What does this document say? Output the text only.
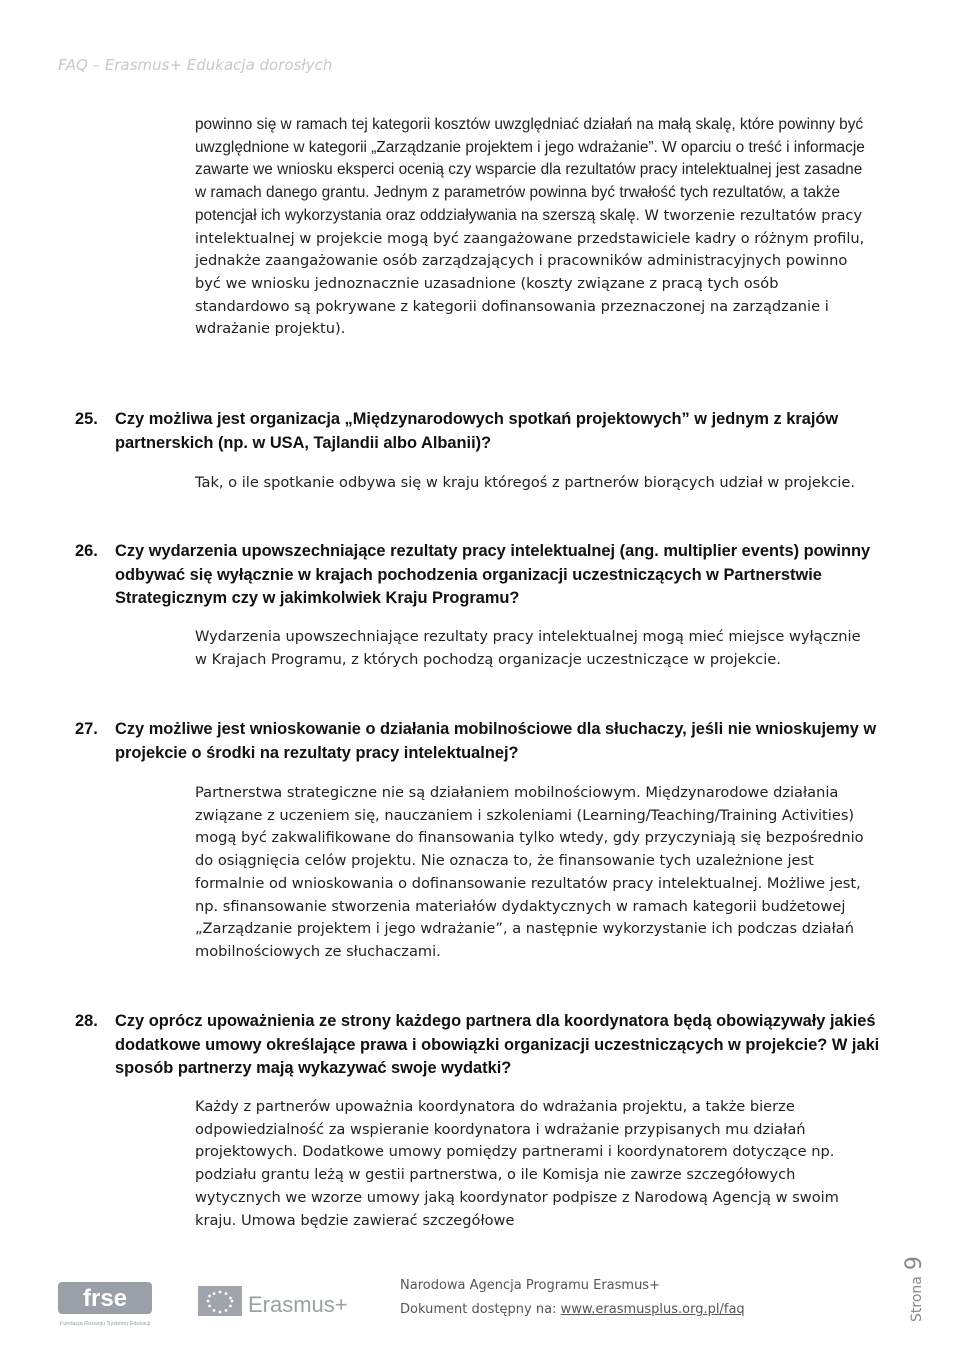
FAQ – Erasmus+ Edukacja dorosłych

powinno się w ramach tej kategorii kosztów uwzględniać działań na małą skalę, które powinny być uwzględnione w kategorii „Zarządzanie projektem i jego wdrażanie”. W oparciu o treść i informacje zawarte we wniosku eksperci ocenią czy wsparcie dla rezultatów pracy intelektualnej jest zasadne w ramach danego grantu. Jednym z parametrów powinna być trwałość tych rezultatów, a także potencjał ich wykorzystania oraz oddziaływania na szerszą skalę. W tworzenie rezultatów pracy intelektualnej w projekcie mogą być zaangażowane przedstawiciele kadry o różnym profilu, jednakże zaangażowanie osób zarządzających i pracowników administracyjnych powinno być we wniosku jednoznacznie uzasadnione (koszty związane z pracą tych osób standardowo są pokrywane z kategorii dofinansowania przeznaczonej na zarządzanie i wdrażanie projektu).

25.	Czy możliwa jest organizacja „Międzynarodowych spotkań projektowych” w jednym z krajów partnerskich (np. w USA, Tajlandii albo Albanii)?

Tak, o ile spotkanie odbywa się w kraju któregoś z partnerów biorących udział w projekcie.

26.	Czy wydarzenia upowszechniające rezultaty pracy intelektualnej (ang. multiplier events) powinny odbywać się wyłącznie w krajach pochodzenia organizacji uczestniczących w Partnerstwie Strategicznym czy w jakimkolwiek Kraju Programu?

Wydarzenia upowszechniające rezultaty pracy intelektualnej mogą mieć miejsce wyłącznie w Krajach Programu, z których pochodzą organizacje uczestniczące w projekcie.

27.	Czy możliwe jest wnioskowanie o działania mobilnościowe dla słuchaczy, jeśli nie wnioskujemy w projekcie o środki na rezultaty pracy intelektualnej?

Partnerstwa strategiczne nie są działaniem mobilnościowym. Międzynarodowe działania związane z uczeniem się, nauczaniem i szkoleniami (Learning/Teaching/Training Activities) mogą być zakwalifikowane do finansowania tylko wtedy, gdy przyczyniają się bezpośrednio do osiągnięcia celów projektu. Nie oznacza to, że finansowanie tych uzależnione jest formalnie od wnioskowania o dofinansowanie rezultatów pracy intelektualnej. Możliwe jest, np. sfinansowanie stworzenia materiałów dydaktycznych w ramach kategorii budżetowej „Zarządzanie projektem i jego wdrażanie”, a następnie wykorzystanie ich podczas działań mobilnościowych ze słuchaczami.

28.	Czy oprócz upoważnienia ze strony każdego partnera dla koordynatora będą obowiązywały jakieś dodatkowe umowy określające prawa i obowiązki organizacji uczestniczących w projekcie? W jaki sposób partnerzy mają wykazywać swoje wydatki?

Każdy z partnerów upoważnia koordynatora do wdrażania projektu, a także bierze odpowiedzialność za wspieranie koordynatora i wdrażanie przypisanych mu działań projektowych. Dodatkowe umowy pomiędzy partnerami i koordynatorem dotyczące np. podziału grantu leżą w gestii partnerstwa, o ile Komisja nie zawrze szczegółowych wytycznych we wzorze umowy jaką koordynator podpisze z Narodową Agencją w swoim kraju. Umowa będzie zawierać szczegółowe

frse
Fundacja Rozwoju Systemu Edukacji
Erasmus+
Narodowa Agencja Programu Erasmus+
Dokument dostępny na: www.erasmusplus.org.pl/faq	Strona9
